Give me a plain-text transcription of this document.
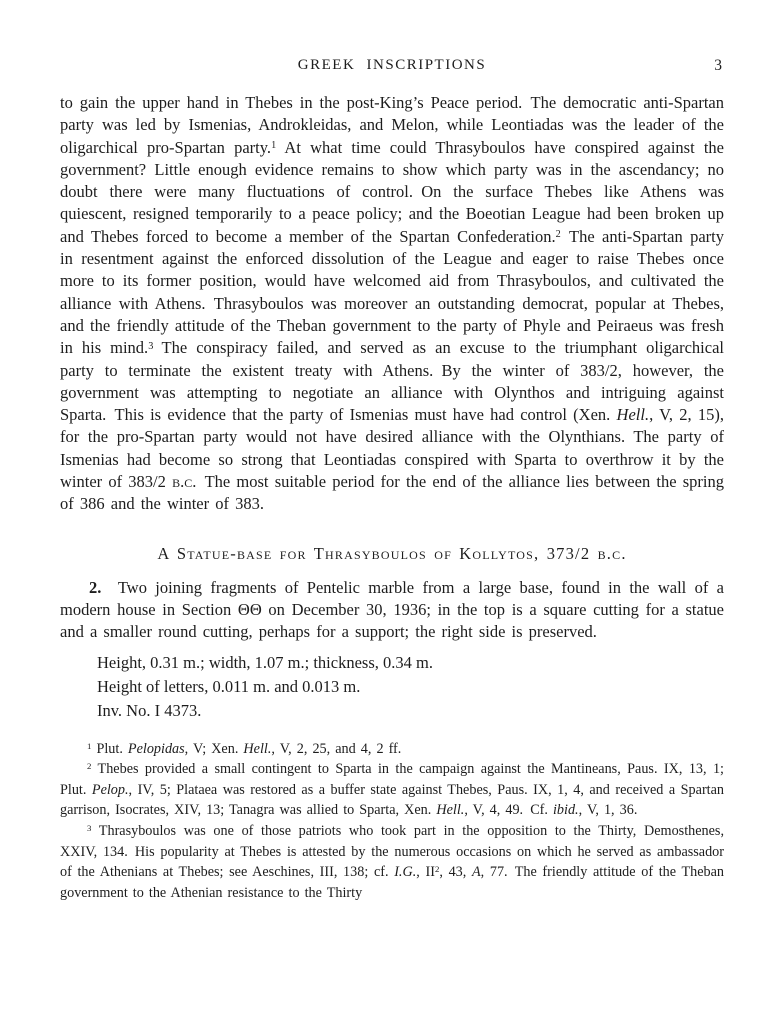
GREEK INSCRIPTIONS	3

to gain the upper hand in Thebes in the post-King’s Peace period. The democratic anti-Spartan party was led by Ismenias, Androkleidas, and Melon, while Leontiadas was the leader of the oligarchical pro-Spartan party.$^1$ At what time could Thrasyboulos have conspired against the government? Little enough evidence remains to show which party was in the ascendancy; no doubt there were many fluctuations of control. On the surface Thebes like Athens was quiescent, resigned temporarily to a peace policy; and the Boeotian League had been broken up and Thebes forced to become a member of the Spartan Confederation.$^2$ The anti-Spartan party in resentment against the enforced dissolution of the League and eager to raise Thebes once more to its former position, would have welcomed aid from Thrasyboulos, and cultivated the alliance with Athens. Thrasyboulos was moreover an outstanding democrat, popular at Thebes, and the friendly attitude of the Theban government to the party of Phyle and Peiraeus was fresh in his mind.$^3$ The conspiracy failed, and served as an excuse to the triumphant oligarchical party to terminate the existent treaty with Athens. By the winter of 383/2, however, the government was attempting to negotiate an alliance with Olynthos and intriguing against Sparta. This is evidence that the party of Ismenias must have had control (Xen. Hell., V, 2, 15), for the pro-Spartan party would not have desired alliance with the Olynthians. The party of Ismenias had become so strong that Leontiadas conspired with Sparta to overthrow it by the winter of 383/2 b.c. The most suitable period for the end of the alliance lies between the spring of 386 and the winter of 383.

A Statue-base for Thrasyboulos of Kollytos, 373/2 b.c.

2. Two joining fragments of Pentelic marble from a large base, found in the wall of a modern house in Section ΘΘ on December 30, 1936; in the top is a square cutting for a statue and a smaller round cutting, perhaps for a support; the right side is preserved.

Height, 0.31 m.; width, 1.07 m.; thickness, 0.34 m.
Height of letters, 0.011 m. and 0.013 m.
Inv. No. I 4373.

$^1$ Plut. Pelopidas, V; Xen. Hell., V, 2, 25, and 4, 2 ff.

$^2$ Thebes provided a small contingent to Sparta in the campaign against the Mantineans, Paus. IX, 13, 1; Plut. Pelop., IV, 5; Plataea was restored as a buffer state against Thebes, Paus. IX, 1, 4, and received a Spartan garrison, Isocrates, XIV, 13; Tanagra was allied to Sparta, Xen. Hell., V, 4, 49. Cf. ibid., V, 1, 36.

$^3$ Thrasyboulos was one of those patriots who took part in the opposition to the Thirty, Demosthenes, XXIV, 134. His popularity at Thebes is attested by the numerous occasions on which he served as ambassador of the Athenians at Thebes; see Aeschines, III, 138; cf. I.G., $II^2$, 43, A, 77. The friendly attitude of the Theban government to the Athenian resistance to the Thirty
